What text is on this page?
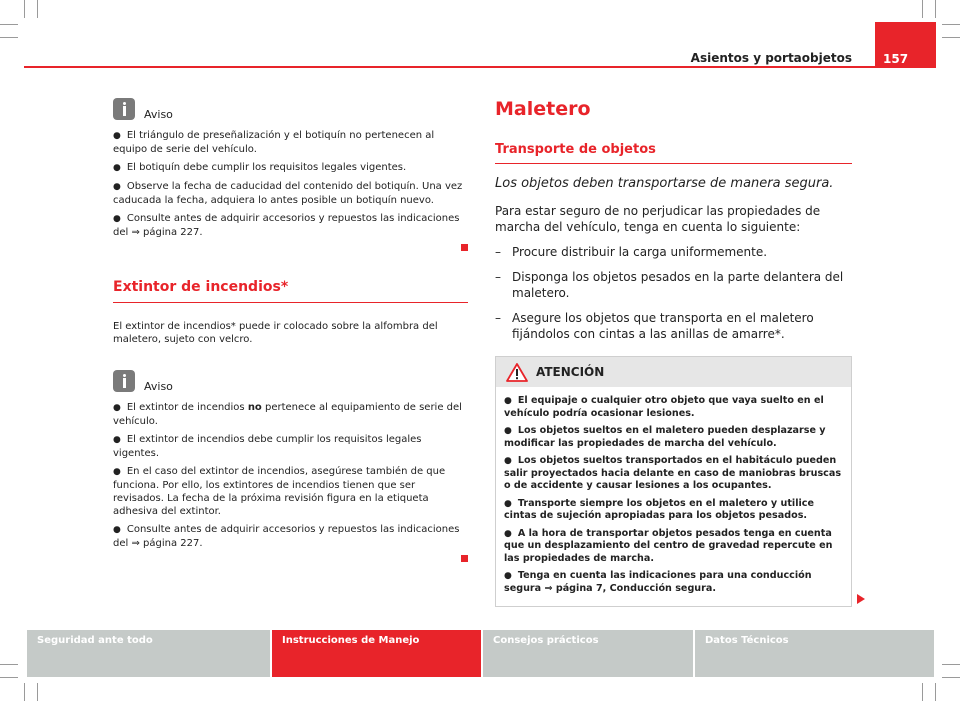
Asientos y portaobjetos	157
Aviso

● El triángulo de preseñalización y el botiquín no pertenecen al equipo de serie del vehículo.

● El botiquín debe cumplir los requisitos legales vigentes.

● Observe la fecha de caducidad del contenido del botiquín. Una vez caducada la fecha, adquiera lo antes posible un botiquín nuevo.

● Consulte antes de adquirir accesorios y repuestos las indicaciones del ⇒ página 227.

Extintor de incendios*

El extintor de incendios* puede ir colocado sobre la alfombra del maletero, sujeto con velcro.

Aviso

● El extintor de incendios no pertenece al equipamiento de serie del vehículo.

● El extintor de incendios debe cumplir los requisitos legales vigentes.

● En el caso del extintor de incendios, asegúrese también de que funciona. Por ello, los extintores de incendios tienen que ser revisados. La fecha de la próxima revisión figura en la etiqueta adhesiva del extintor.

● Consulte antes de adquirir accesorios y repuestos las indicaciones del ⇒ página 227.

Maletero
Transporte de objetos

Los objetos deben transportarse de manera segura.

Para estar seguro de no perjudicar las propiedades de marcha del vehículo, tenga en cuenta lo siguiente:

– Procure distribuir la carga uniformemente.
– Disponga los objetos pesados en la parte delantera del maletero.
– Asegure los objetos que transporta en el maletero fijándolos con cintas a las anillas de amarre*.
ATENCIÓN

● El equipaje o cualquier otro objeto que vaya suelto en el vehículo podría ocasionar lesiones.

● Los objetos sueltos en el maletero pueden desplazarse y modificar las propiedades de marcha del vehículo.

● Los objetos sueltos transportados en el habitáculo pueden salir proyectados hacia delante en caso de maniobras bruscas o de accidente y causar lesiones a los ocupantes.

● Transporte siempre los objetos en el maletero y utilice cintas de sujeción apropiadas para los objetos pesados.

● A la hora de transportar objetos pesados tenga en cuenta que un desplazamiento del centro de gravedad repercute en las propiedades de marcha.

● Tenga en cuenta las indicaciones para una conducción segura ⇒ página 7, Conducción segura.

Seguridad ante todo	Instrucciones de Manejo	Consejos prácticos	Datos Técnicos
